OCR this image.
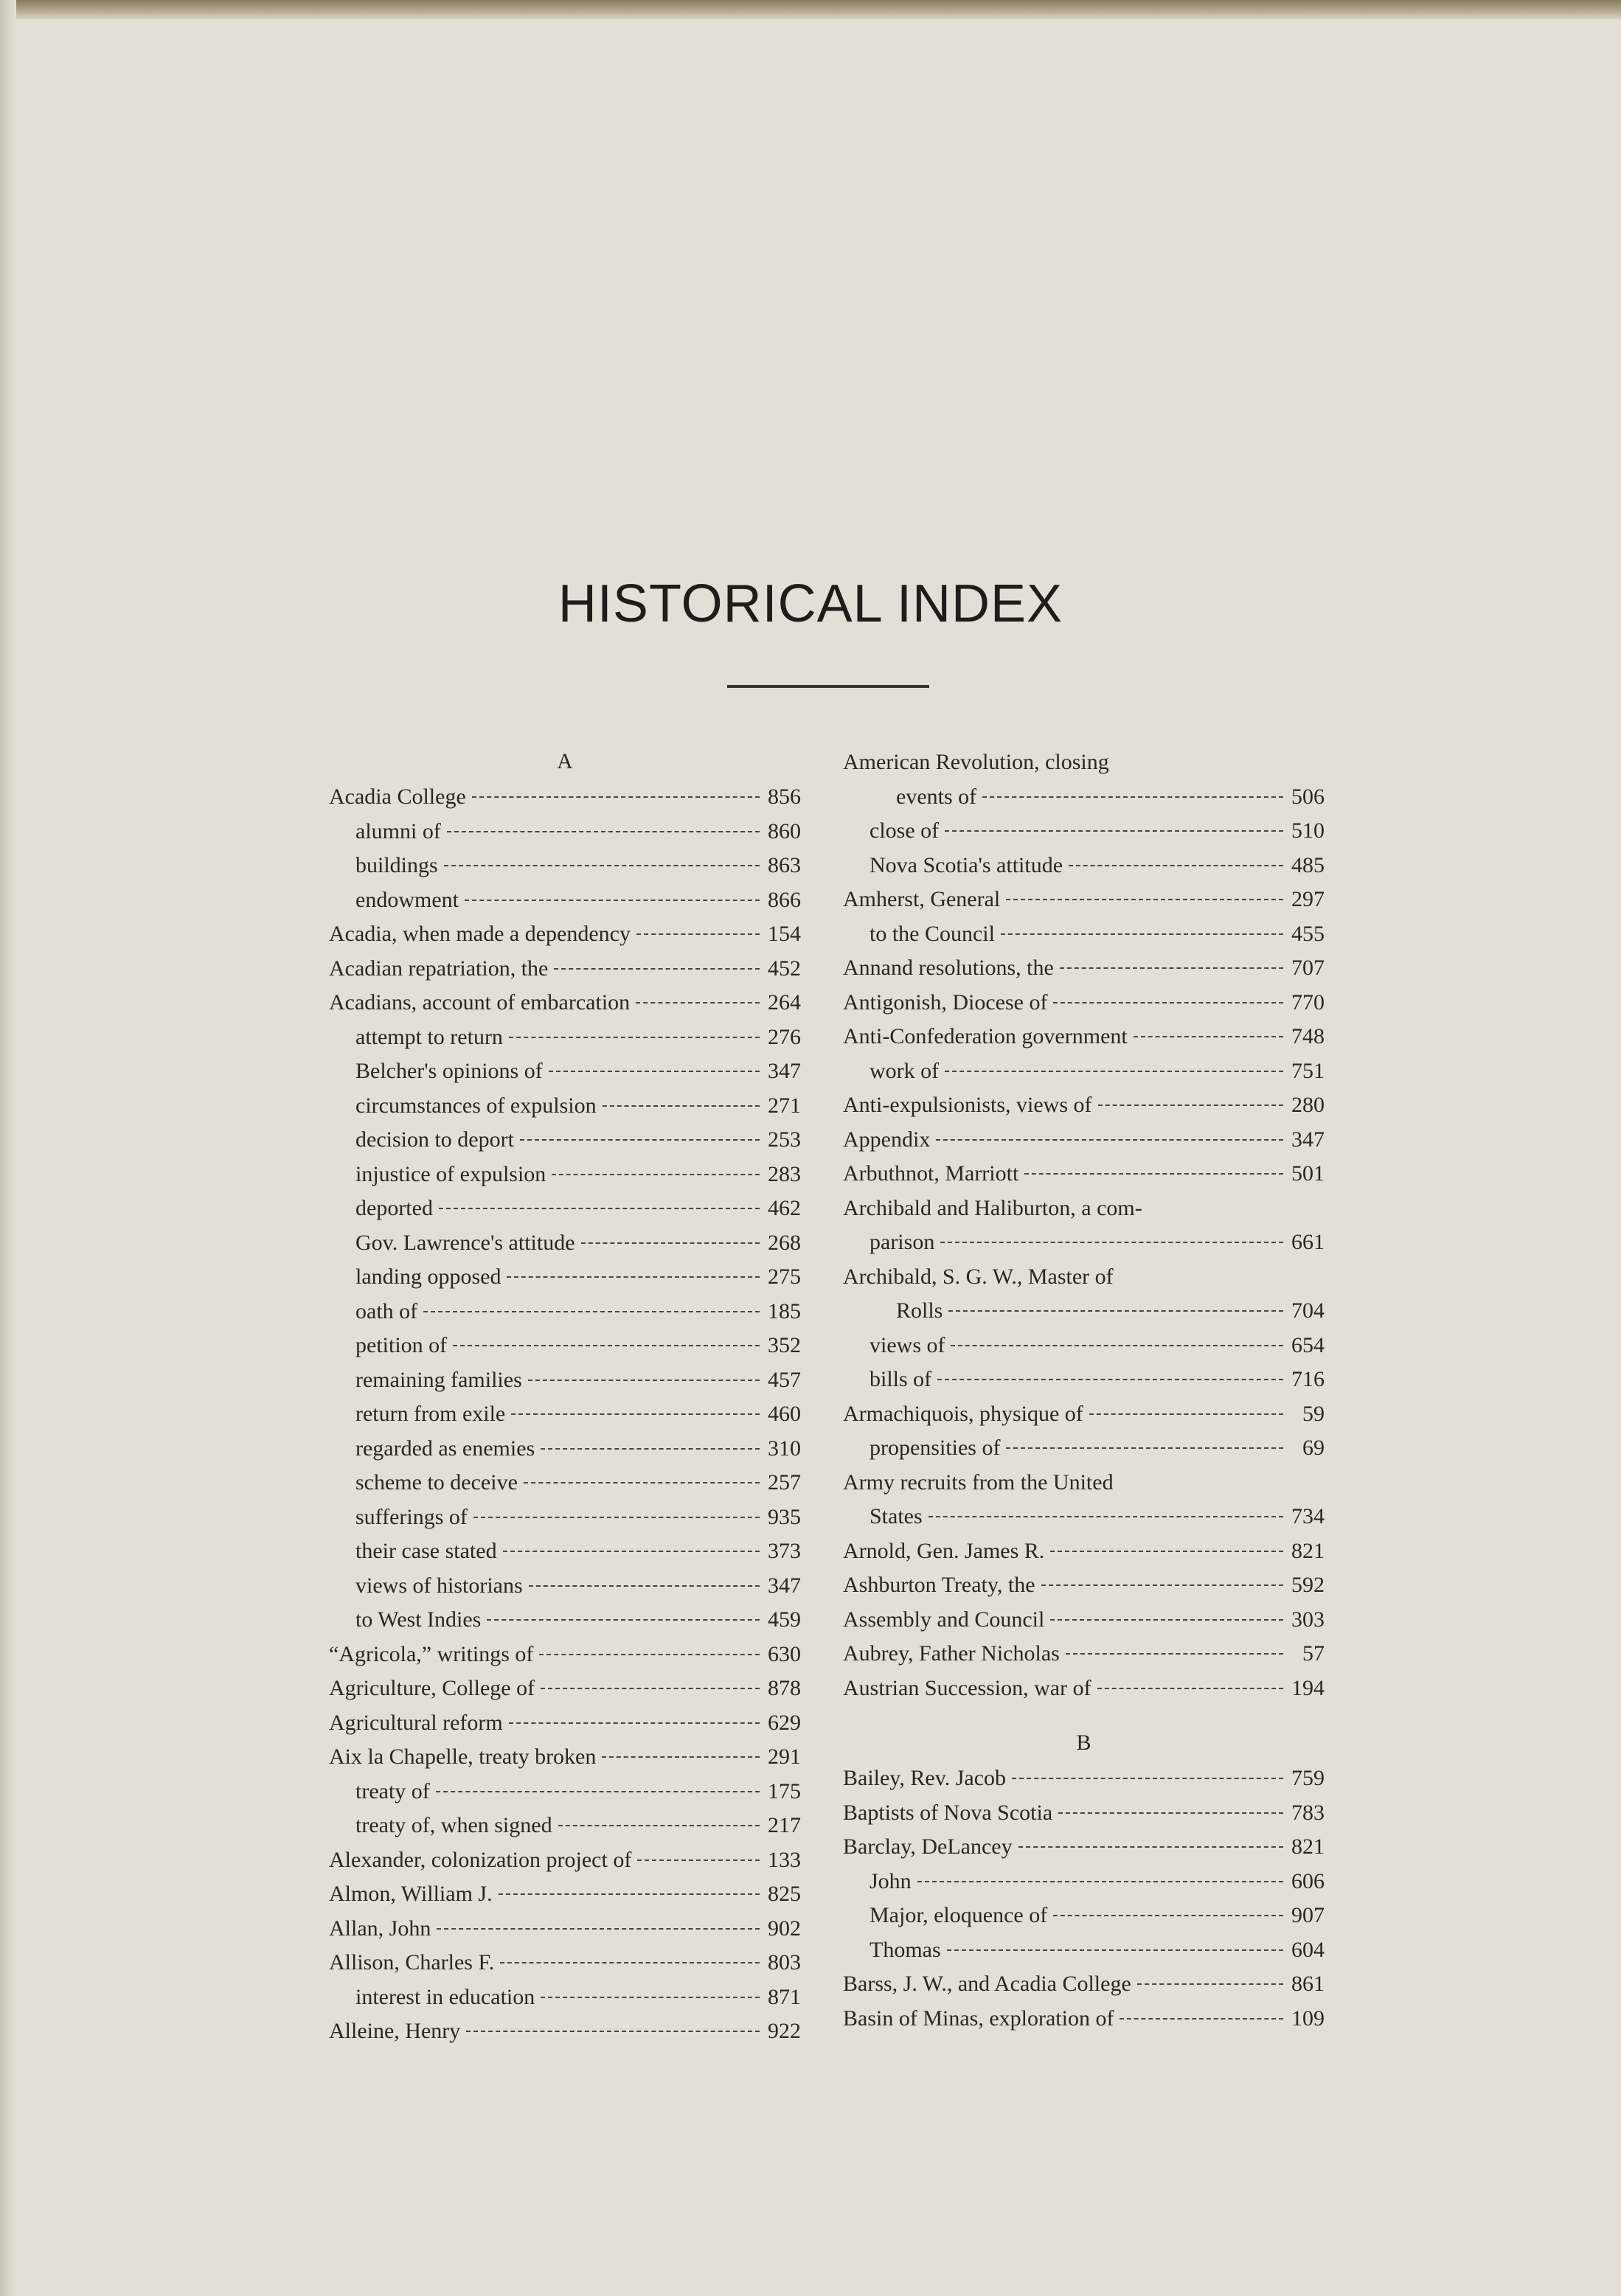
HISTORICAL INDEX
A
Acadia College	856
alumni of	860
buildings	863
endowment	866
Acadia, when made a dependency	154
Acadian repatriation, the	452
Acadians, account of embarcation	264
attempt to return	276
Belcher's opinions of	347
circumstances of expulsion	271
decision to deport	253
injustice of expulsion	283
deported	462
Gov. Lawrence's attitude	268
landing opposed	275
oath of	185
petition of	352
remaining families	457
return from exile	460
regarded as enemies	310
scheme to deceive	257
sufferings of	935
their case stated	373
views of historians	347
to West Indies	459
“Agricola,” writings of	630
Agriculture, College of	878
Agricultural reform	629
Aix la Chapelle, treaty broken	291
treaty of	175
treaty of, when signed	217
Alexander, colonization project of	133
Almon, William J.	825
Allan, John	902
Allison, Charles F.	803
interest in education	871
Alleine, Henry	922
American Revolution, closing
events of	506
close of	510
Nova Scotia's attitude	485
Amherst, General	297
to the Council	455
Annand resolutions, the	707
Antigonish, Diocese of	770
Anti-Confederation government	748
work of	751
Anti-expulsionists, views of	280
Appendix	347
Arbuthnot, Marriott	501
Archibald and Haliburton, a com-
parison	661
Archibald, S. G. W., Master of
Rolls	704
views of	654
bills of	716
Armachiquois, physique of	59
propensities of	69
Army recruits from the United
States	734
Arnold, Gen. James R.	821
Ashburton Treaty, the	592
Assembly and Council	303
Aubrey, Father Nicholas	57
Austrian Succession, war of	194
B
Bailey, Rev. Jacob	759
Baptists of Nova Scotia	783
Barclay, DeLancey	821
John	606
Major, eloquence of	907
Thomas	604
Barss, J. W., and Acadia College	861
Basin of Minas, exploration of	109
